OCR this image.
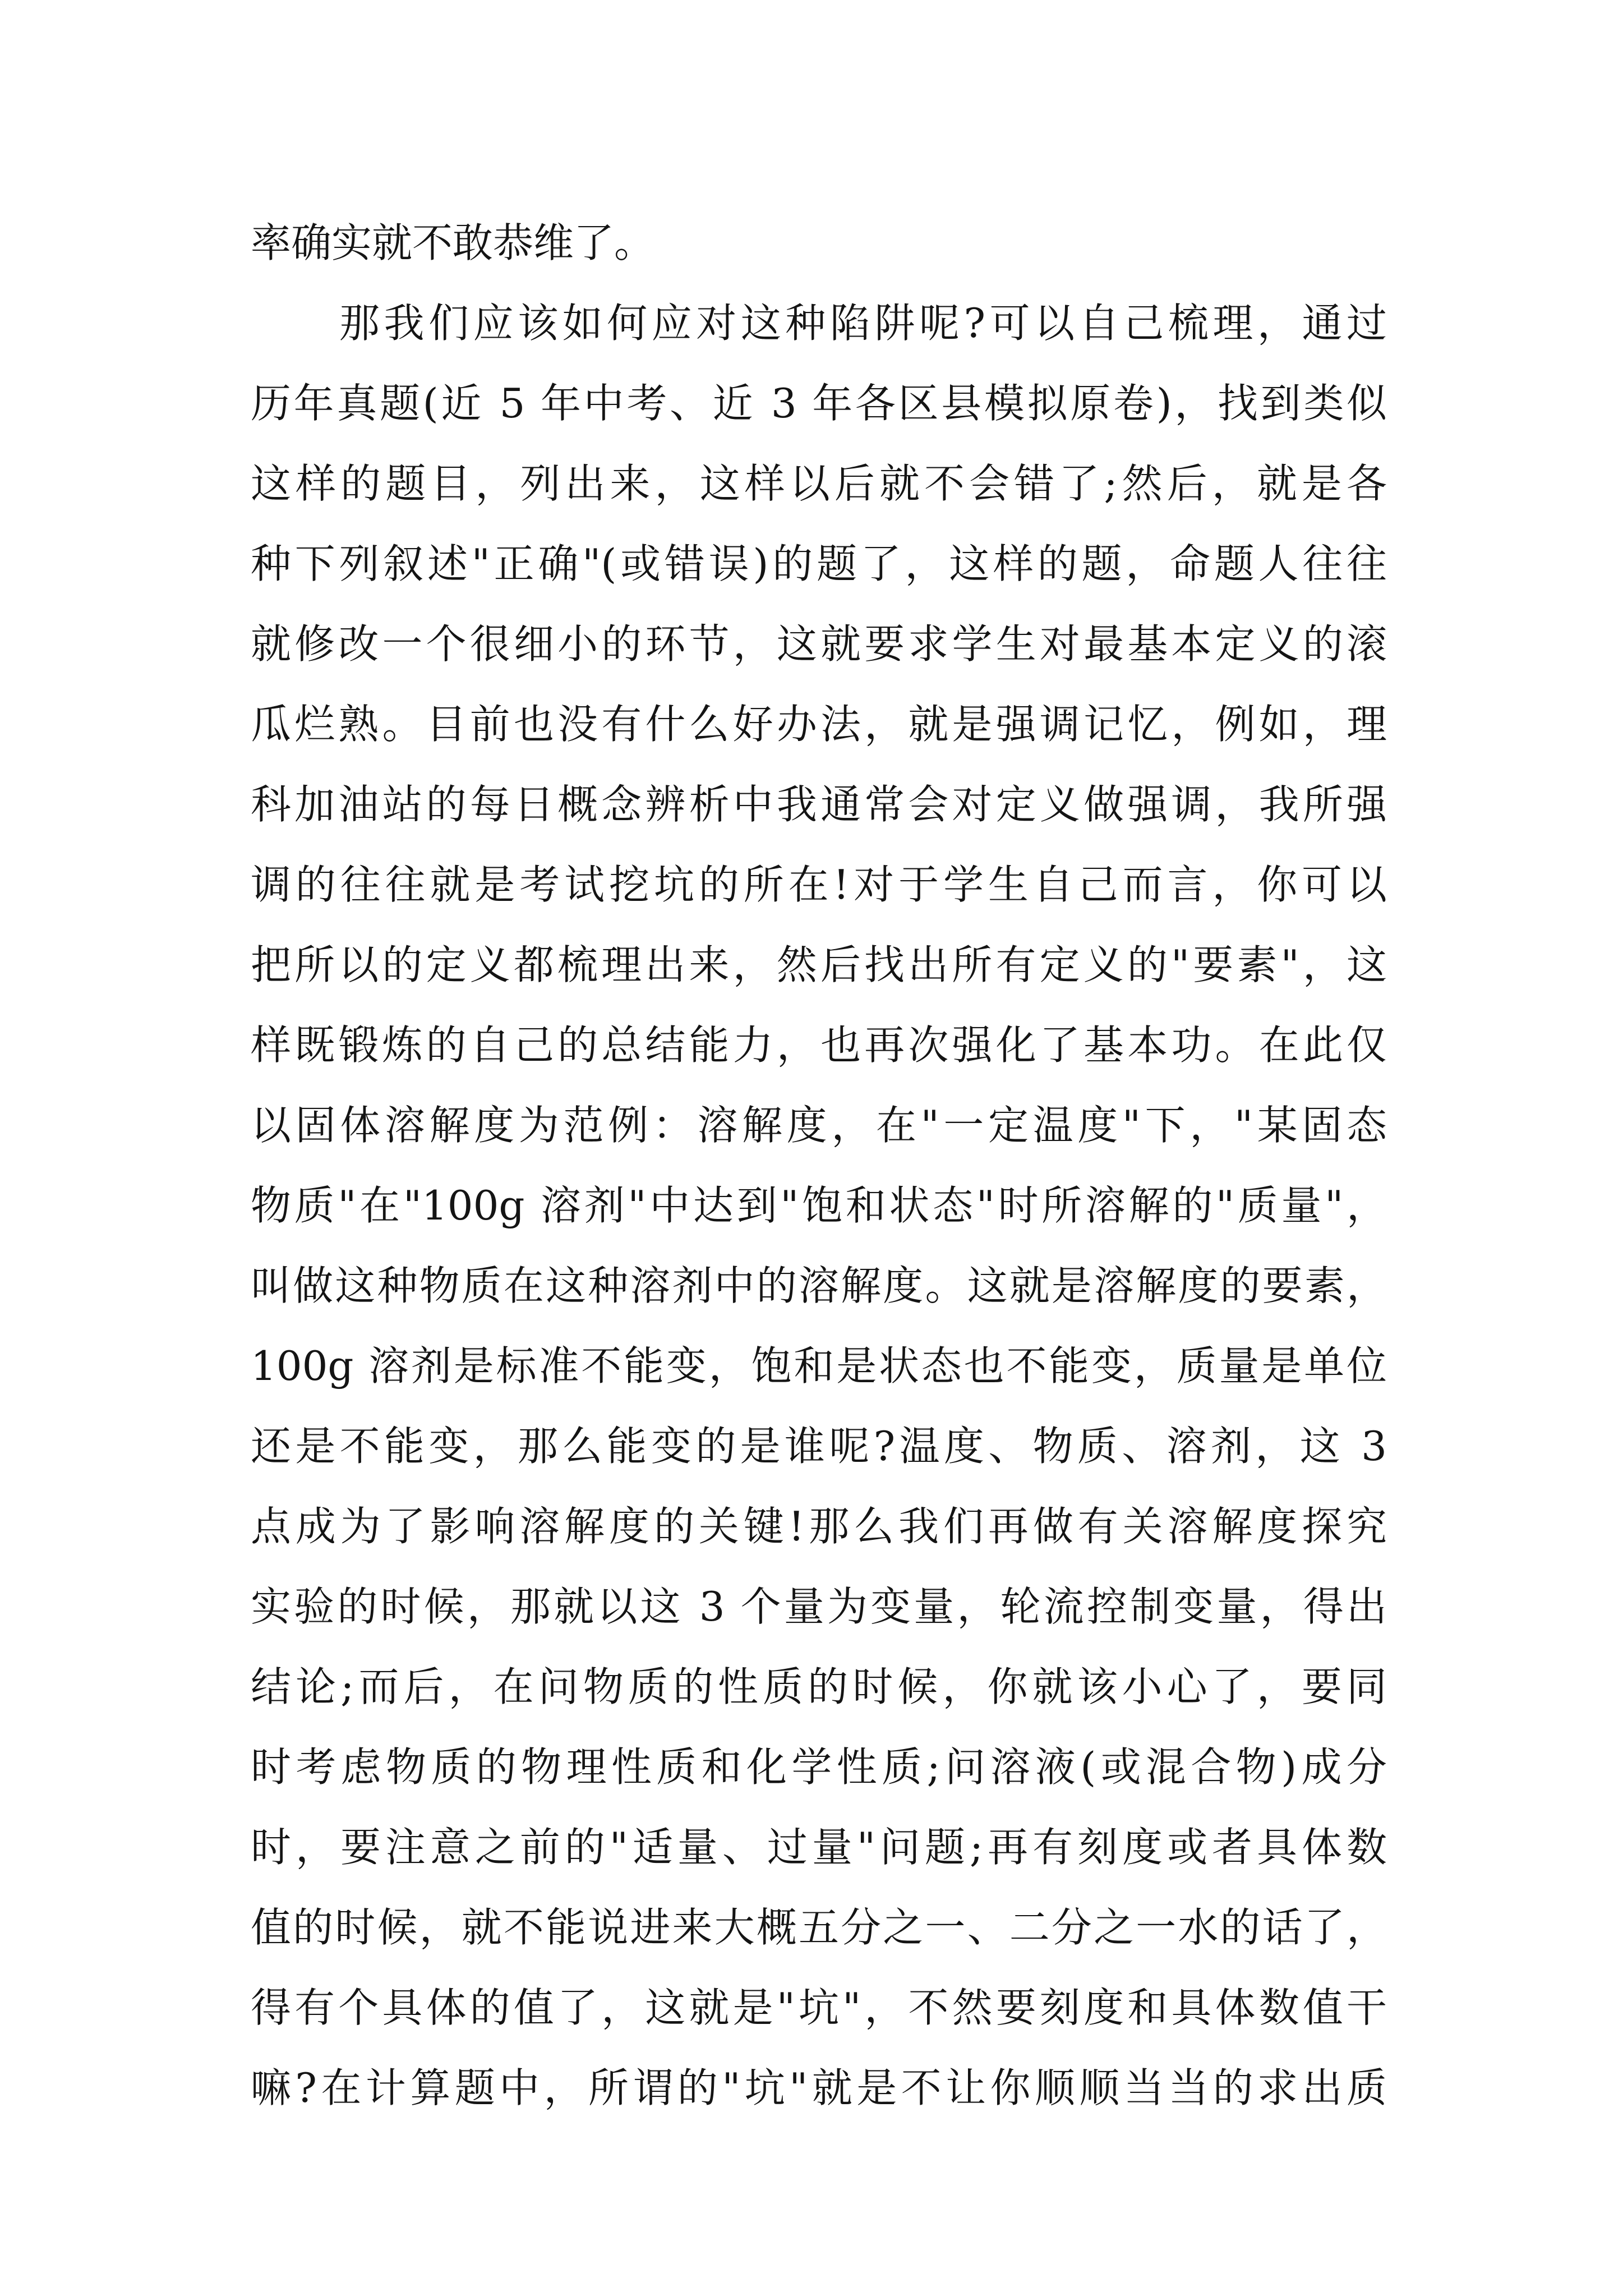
率确实就不敢恭维了。
那我们应该如何应对这种陷阱呢?可以自己梳理，通过
历年真题(近 5 年中考、近 3 年各区县模拟原卷)，找到类似
这样的题目，列出来，这样以后就不会错了;然后，就是各
种下列叙述"正确"(或错误)的题了，这样的题，命题人往往
就修改一个很细小的环节，这就要求学生对最基本定义的滚
瓜烂熟。目前也没有什么好办法，就是强调记忆，例如，理
科加油站的每日概念辨析中我通常会对定义做强调，我所强
调的往往就是考试挖坑的所在!对于学生自己而言，你可以
把所以的定义都梳理出来，然后找出所有定义的"要素"，这
样既锻炼的自己的总结能力，也再次强化了基本功。在此仅
以固体溶解度为范例：溶解度，在"一定温度"下，"某固态
物质"在"100g 溶剂"中达到"饱和状态"时所溶解的"质量"，
叫做这种物质在这种溶剂中的溶解度。这就是溶解度的要素，
100g 溶剂是标准不能变，饱和是状态也不能变，质量是单位
还是不能变，那么能变的是谁呢?温度、物质、溶剂，这 3
点成为了影响溶解度的关键!那么我们再做有关溶解度探究
实验的时候，那就以这 3 个量为变量，轮流控制变量，得出
结论;而后，在问物质的性质的时候，你就该小心了，要同
时考虑物质的物理性质和化学性质;问溶液(或混合物)成分
时，要注意之前的"适量、过量"问题;再有刻度或者具体数
值的时候，就不能说进来大概五分之一、二分之一水的话了，
得有个具体的值了，这就是"坑"，不然要刻度和具体数值干
嘛?在计算题中，所谓的"坑"就是不让你顺顺当当的求出质
